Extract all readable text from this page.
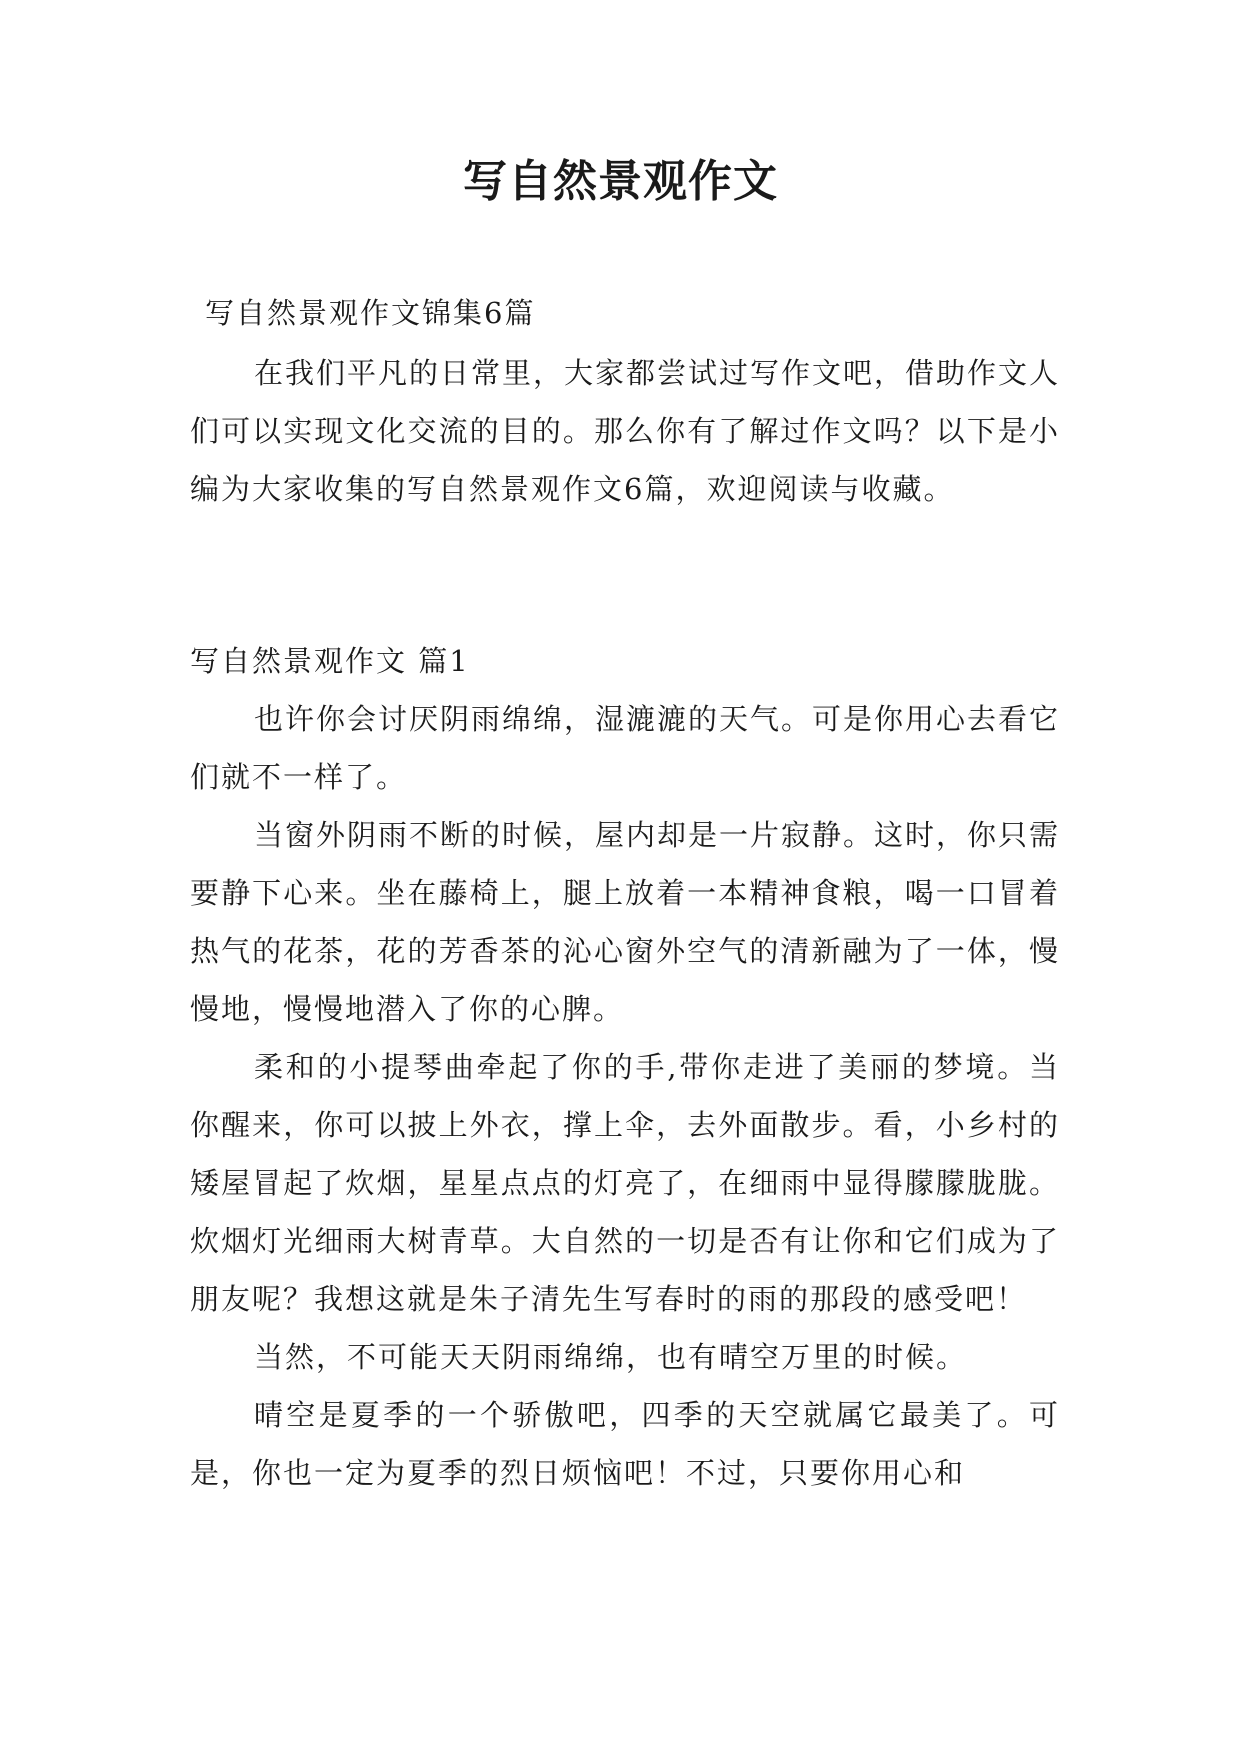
写自然景观作文
写自然景观作文锦集6篇

在我们平凡的日常里，大家都尝试过写作文吧，借助作文人们可以实现文化交流的目的。那么你有了解过作文吗？以下是小编为大家收集的写自然景观作文6篇，欢迎阅读与收藏。

写自然景观作文 篇1

也许你会讨厌阴雨绵绵，湿漉漉的天气。可是你用心去看它们就不一样了。

当窗外阴雨不断的时候，屋内却是一片寂静。这时，你只需要静下心来。坐在藤椅上，腿上放着一本精神食粮，喝一口冒着热气的花茶，花的芳香茶的沁心窗外空气的清新融为了一体，慢慢地，慢慢地潜入了你的心脾。

柔和的小提琴曲牵起了你的手,带你走进了美丽的梦境。当你醒来，你可以披上外衣，撑上伞，去外面散步。看，小乡村的矮屋冒起了炊烟，星星点点的灯亮了，在细雨中显得朦朦胧胧。炊烟灯光细雨大树青草。大自然的一切是否有让你和它们成为了朋友呢？我想这就是朱子清先生写春时的雨的那段的感受吧！

当然，不可能天天阴雨绵绵，也有晴空万里的时候。

晴空是夏季的一个骄傲吧，四季的天空就属它最美了。可是，你也一定为夏季的烈日烦恼吧！不过，只要你用心和
